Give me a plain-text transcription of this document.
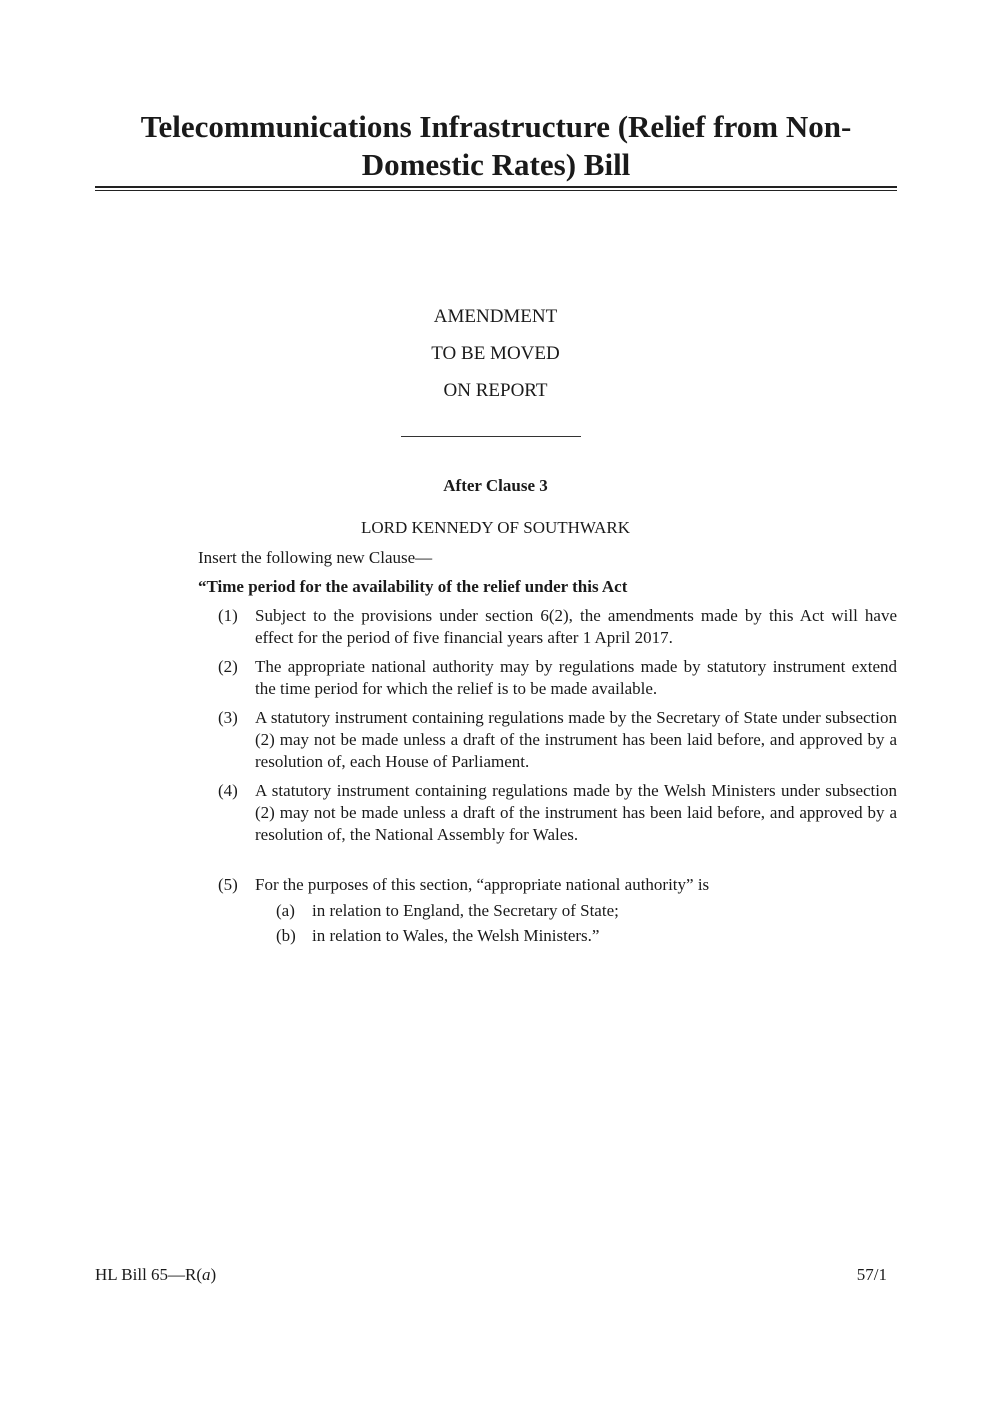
Telecommunications Infrastructure (Relief from Non-Domestic Rates) Bill
AMENDMENT
TO BE MOVED
ON REPORT
After Clause 3
LORD KENNEDY OF SOUTHWARK
Insert the following new Clause—
“Time period for the availability of the relief under this Act
(1)	Subject to the provisions under section 6(2), the amendments made by this Act will have effect for the period of five financial years after 1 April 2017.
(2)	The appropriate national authority may by regulations made by statutory instrument extend the time period for which the relief is to be made available.
(3)	A statutory instrument containing regulations made by the Secretary of State under subsection (2) may not be made unless a draft of the instrument has been laid before, and approved by a resolution of, each House of Parliament.
(4)	A statutory instrument containing regulations made by the Welsh Ministers under subsection (2) may not be made unless a draft of the instrument has been laid before, and approved by a resolution of, the National Assembly for Wales.
(5)	For the purposes of this section, “appropriate national authority” is
(a)	in relation to England, the Secretary of State;
(b) in relation to Wales, the Welsh Ministers.”
HL Bill 65—R(a)	57/1
